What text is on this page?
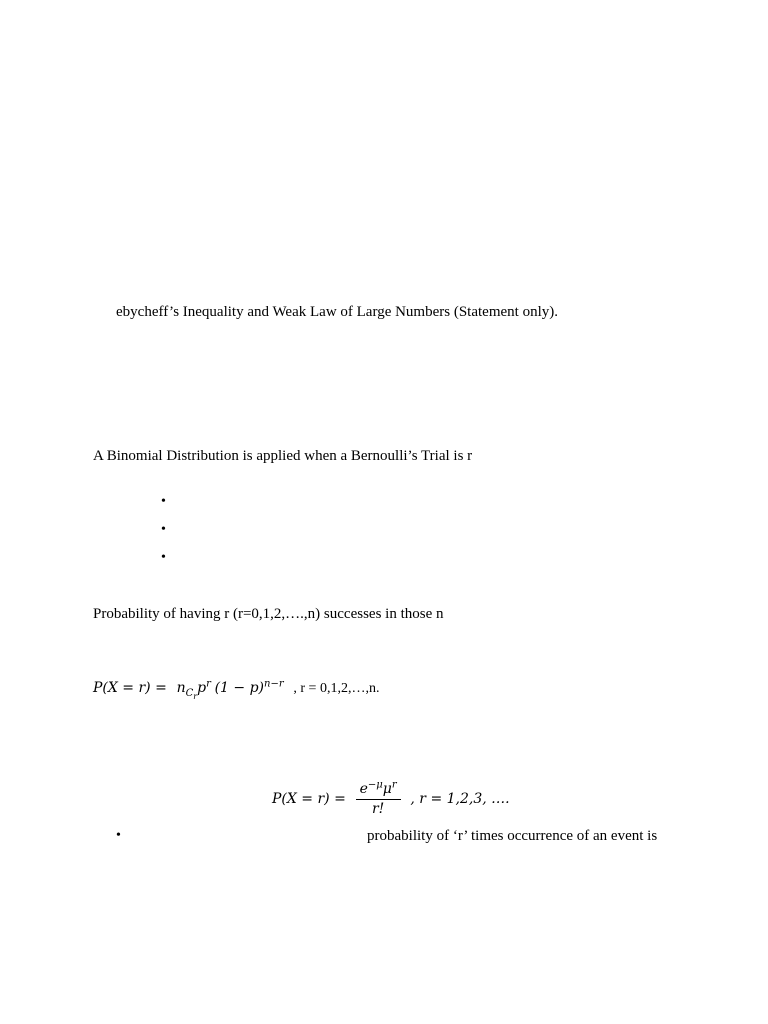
ebycheff’s Inequality and Weak Law of Large Numbers (Statement only).
A Binomial Distribution is applied when a Bernoulli’s Trial is r
•
•
•
Probability of having r (r=0,1,2,….,n) successes in those n
$P(X = r) = n_{C_r}p^r$ $(1 - p)^{n-r}$ , r = 0,1,2,…,n.
$P(X = r) = \frac{e^{-\mu}\mu^r}{r!}$ , r = 1,2,3, ….
•	probability of ‘r’ times occurrence of an event is
